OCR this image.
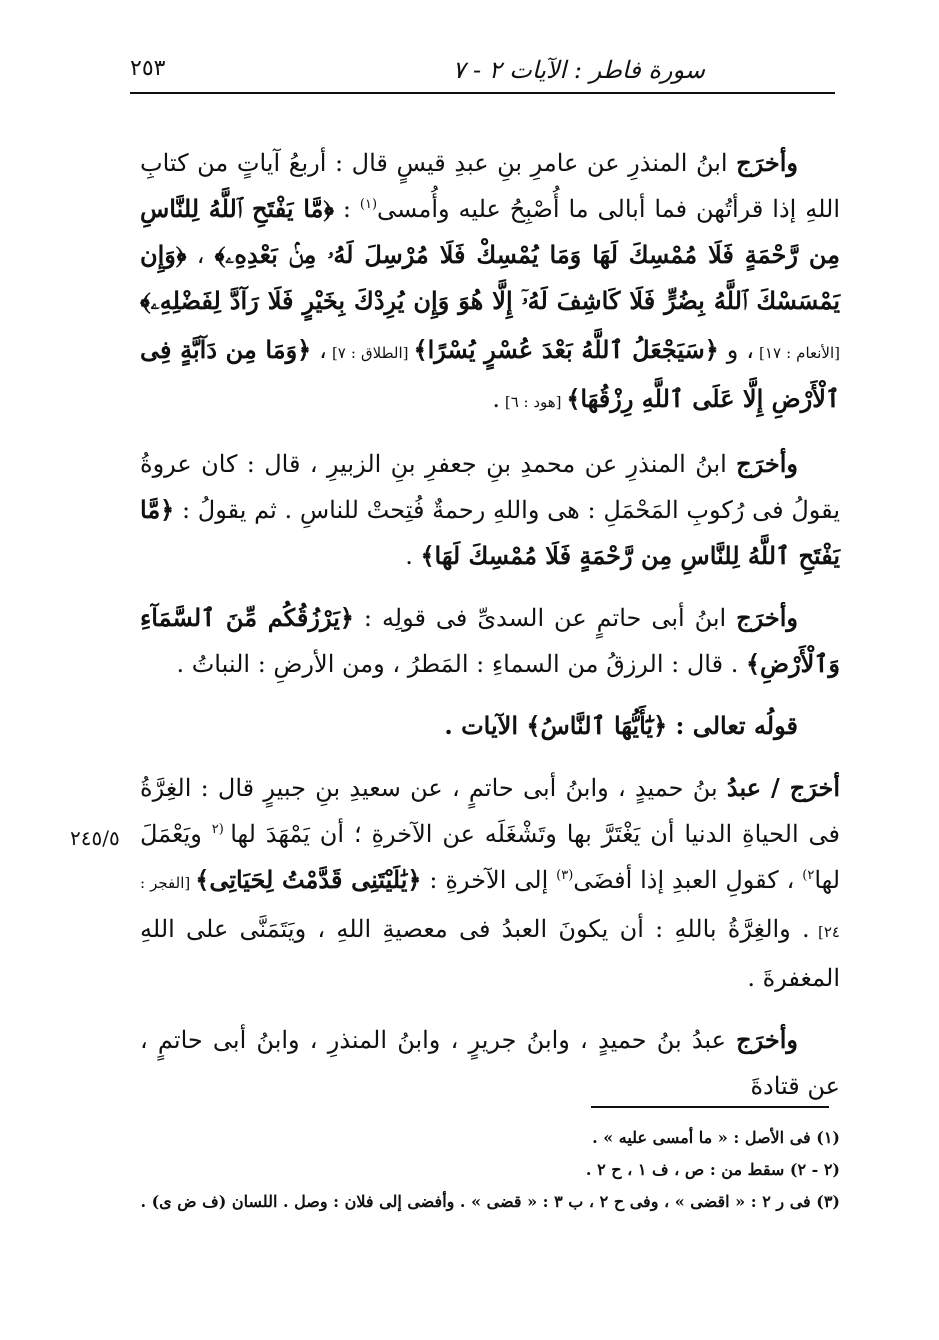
٢٥٣	سورة فاطر : الآيات ٢ - ٧

وأخرَج ابنُ المنذرِ عن عامرِ بنِ عبدِ قيسٍ قال : أربعُ آياتٍ من كتابِ اللهِ إذا قرأتُهن فما أبالى ما أُصْبِحُ عليه وأُمسى$^{(١)}$ : ﴿مَّا يَفْتَحِ ٱللَّهُ لِلنَّاسِ مِن رَّحْمَةٍ فَلَا مُمْسِكَ لَهَا وَمَا يُمْسِكْ فَلَا مُرْسِلَ لَهُۥ مِنۢ بَعْدِهِۦ﴾ ، ﴿وَإِن يَمْسَسْكَ ٱللَّهُ بِضُرٍّ فَلَا كَاشِفَ لَهُۥٓ إِلَّا هُوَ وَإِن يُرِدْكَ بِخَيْرٍ فَلَا رَآدَّ لِفَضْلِهِۦ﴾ [الأنعام : ١٧] ، و ﴿سَيَجْعَلُ ٱللَّهُ بَعْدَ عُسْرٍ يُسْرًا﴾ [الطلاق : ٧] ، ﴿وَمَا مِن دَآبَّةٍ فِى ٱلْأَرْضِ إِلَّا عَلَى ٱللَّهِ رِزْقُهَا﴾ [هود : ٦] .

وأخرَج ابنُ المنذرِ عن محمدِ بنِ جعفرِ بنِ الزبيرِ ، قال : كان عروةُ يقولُ فى رُكوبِ المَحْمَلِ : هى واللهِ رحمةٌ فُتِحتْ للناسِ . ثم يقولُ : ﴿مَّا يَفْتَحِ ٱللَّهُ لِلنَّاسِ مِن رَّحْمَةٍ فَلَا مُمْسِكَ لَهَا﴾ .

وأخرَج ابنُ أبى حاتمٍ عن السدىِّ فى قولِه : ﴿يَرْزُقُكُم مِّنَ ٱلسَّمَآءِ وَٱلْأَرْضِ﴾ . قال : الرزقُ من السماءِ : المَطرُ ، ومن الأرضِ : النباتُ .

قولُه تعالى : ﴿يَٰٓأَيُّهَا ٱلنَّاسُ﴾ الآيات .

أخرَج / عبدُ بنُ حميدٍ ، وابنُ أبى حاتمٍ ، عن سعيدِ بنِ جبيرٍ قال : الغِرَّةُ فى الحياةِ الدنيا أن يَغْتَرَّ بها وتَشْغَلَه عن الآخرةِ ؛ أن يَمْهَدَ لها $^{(٢}$ ويَعْمَلَ لها$^{٢)}$ ، كقولِ العبدِ إذا أفضَى$^{(٣)}$ إلى الآخرةِ : ﴿يَٰلَيْتَنِى قَدَّمْتُ لِحَيَاتِى﴾ [الفجر : ٢٤] . والغِرَّةُ باللهِ : أن يكونَ العبدُ فى معصيةِ اللهِ ، ويَتَمَنَّى على اللهِ المغفرةَ .

وأخرَج عبدُ بنُ حميدٍ ، وابنُ جريرٍ ، وابنُ المنذرِ ، وابنُ أبى حاتمٍ ، عن قتادةَ

٢٤٥/٥

(١) فى الأصل : « ما أمسى عليه » .

(٢ - ٢) سقط من : ص ، ف ١ ، ح ٢ .

(٣) فى ر ٢ : « اقضى » ، وفى ح ٢ ، ب ٣ : « قضى » . وأفضى إلى فلان : وصل . اللسان (ف ض ى) .
